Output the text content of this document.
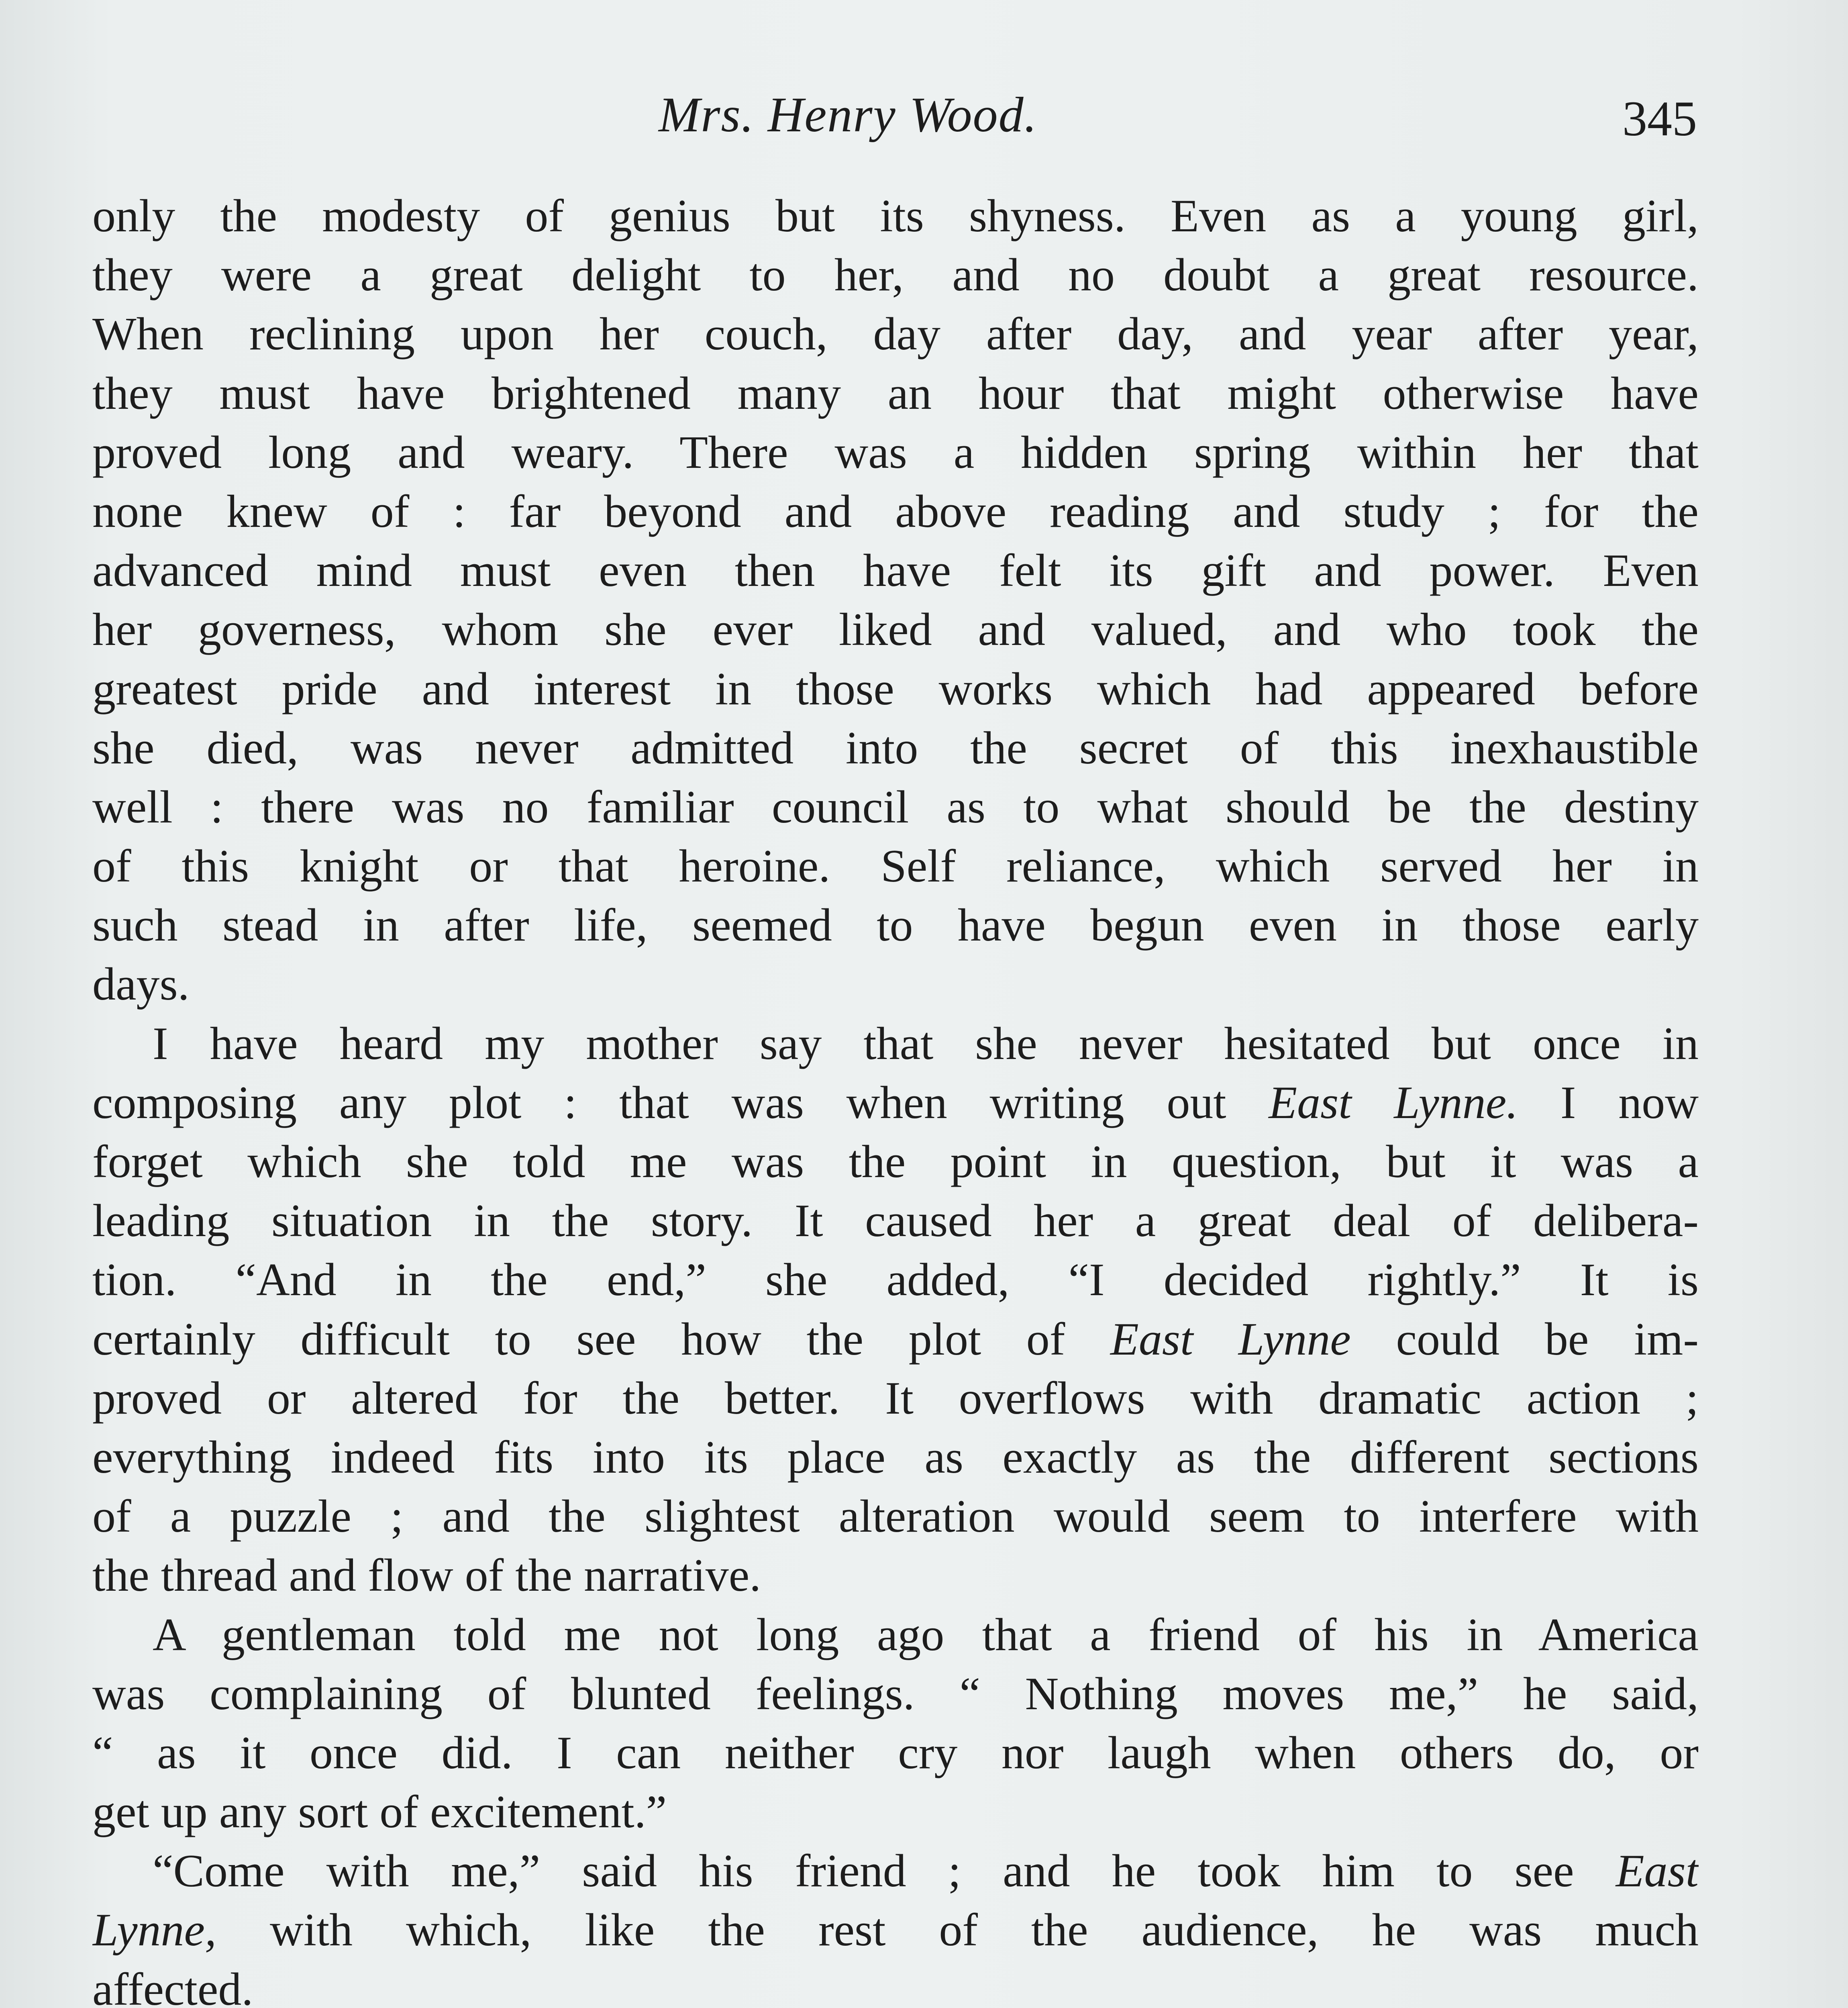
Mrs. Henry Wood.	345
only the modesty of genius but its shyness. Even as a young girl,
they were a great delight to her, and no doubt a great resource.
When reclining upon her couch, day after day, and year after year,
they must have brightened many an hour that might otherwise have
proved long and weary. There was a hidden spring within her that
none knew of : far beyond and above reading and study ; for the
advanced mind must even then have felt its gift and power. Even
her governess, whom she ever liked and valued, and who took the
greatest pride and interest in those works which had appeared before
she died, was never admitted into the secret of this inexhaustible
well : there was no familiar council as to what should be the destiny
of this knight or that heroine. Self reliance, which served her in
such stead in after life, seemed to have begun even in those early
days.
I have heard my mother say that she never hesitated but once in
composing any plot : that was when writing out East Lynne. I now
forget which she told me was the point in question, but it was a
leading situation in the story. It caused her a great deal of delibera-
tion. “And in the end,” she added, “I decided rightly.” It is
certainly difficult to see how the plot of East Lynne could be im-
proved or altered for the better. It overflows with dramatic action ;
everything indeed fits into its place as exactly as the different sections
of a puzzle ; and the slightest alteration would seem to interfere with
the thread and flow of the narrative.
A gentleman told me not long ago that a friend of his in America
was complaining of blunted feelings. “ Nothing moves me,” he said,
“ as it once did. I can neither cry nor laugh when others do, or
get up any sort of excitement.”
“Come with me,” said his friend ; and he took him to see East
Lynne, with which, like the rest of the audience, he was much
affected.
